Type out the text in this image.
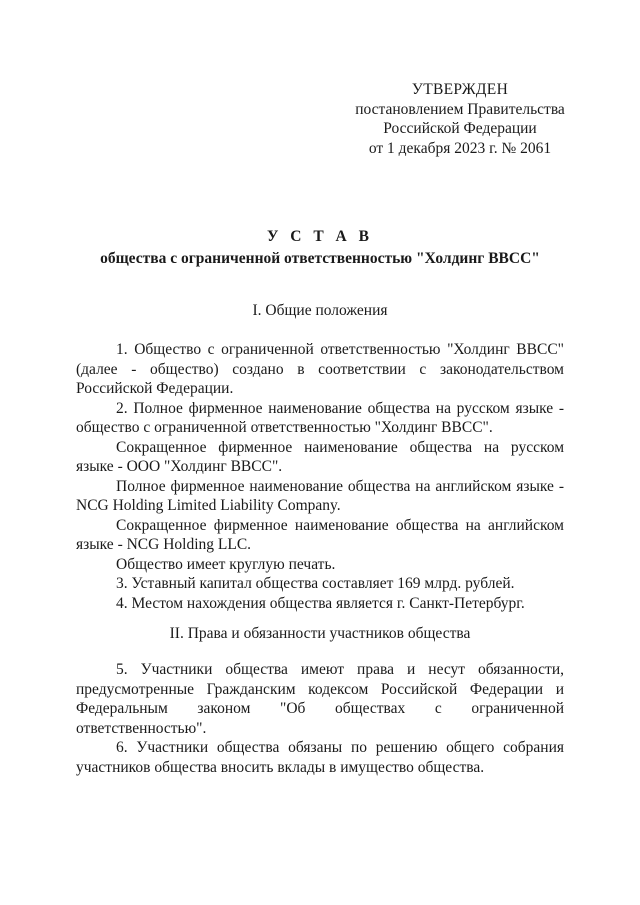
УТВЕРЖДЕН
постановлением Правительства
Российской Федерации
от 1 декабря 2023 г. № 2061
У С Т А В
общества с ограниченной ответственностью "Холдинг ВВСС"
I. Общие положения

1. Общество с ограниченной ответственностью "Холдинг ВВСС" (далее - общество) создано в соответствии с законодательством Российской Федерации.

2. Полное фирменное наименование общества на русском языке - общество с ограниченной ответственностью "Холдинг ВВСС".

Сокращенное фирменное наименование общества на русском языке - ООО "Холдинг ВВСС".

Полное фирменное наименование общества на английском языке - NCG Holding Limited Liability Company.

Сокращенное фирменное наименование общества на английском языке - NCG Holding LLC.

Общество имеет круглую печать.

3. Уставный капитал общества составляет 169 млрд. рублей.

4. Местом нахождения общества является г. Санкт-Петербург.

II. Права и обязанности участников общества

5. Участники общества имеют права и несут обязанности, предусмотренные Гражданским кодексом Российской Федерации и Федеральным законом "Об обществах с ограниченной ответственностью".

6. Участники общества обязаны по решению общего собрания участников общества вносить вклады в имущество общества.
